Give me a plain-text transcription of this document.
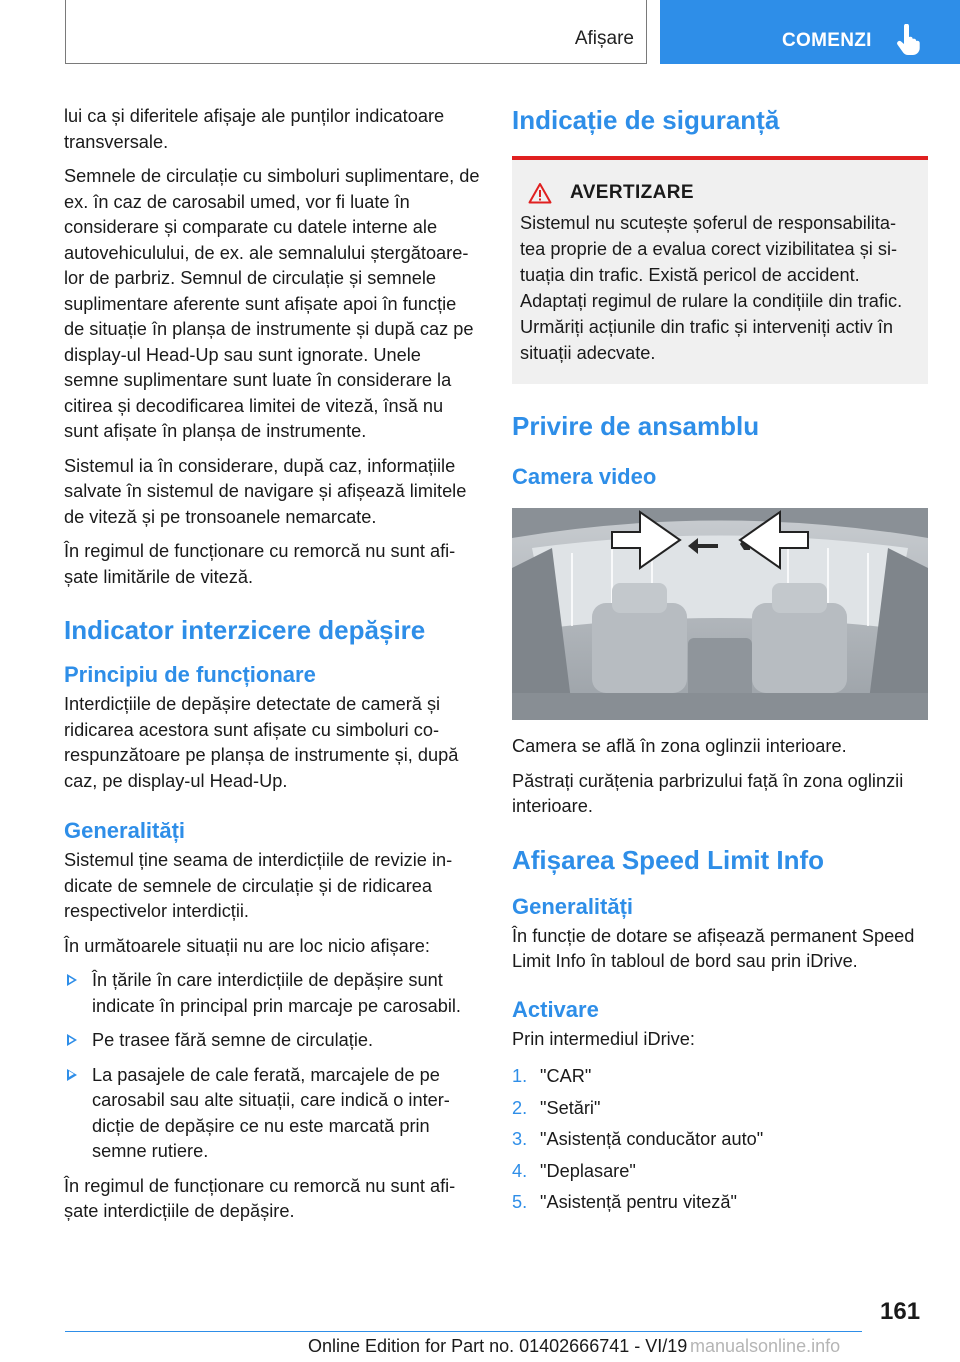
Afișare	COMENZI

lui ca și diferitele afișaje ale punților indicatoare transversale.

Semnele de circulație cu simboluri suplimentare, de ex. în caz de carosabil umed, vor fi luate în considerare și comparate cu datele interne ale autovehiculului, de ex. ale semnalului ștergătoare-lor de parbriz. Semnul de circulație și semnele suplimentare aferente sunt afișate apoi în funcție de situație în planșa de instrumente și după caz pe display-ul Head-Up sau sunt ignorate. Unele semne suplimentare sunt luate în considerare la citirea și decodificarea limitei de viteză, însă nu sunt afișate în planșa de instrumente.

Sistemul ia în considerare, după caz, informațiile salvate în sistemul de navigare și afișează limitele de viteză și pe tronsoanele nemarcate.

În regimul de funcționare cu remorcă nu sunt afi-șate limitările de viteză.

Indicator interzicere depășire
Principiu de funcționare

Interdicțiile de depășire detectate de cameră și ridicarea acestora sunt afișate cu simboluri co-respunzătoare pe planșa de instrumente și, după caz, pe display-ul Head-Up.

Generalități

Sistemul ține seama de interdicțiile de revizie in-dicate de semnele de circulație și de ridicarea respectivelor interdicții.

În următoarele situații nu are loc nicio afișare:

În țările în care interdicțiile de depășire sunt indicate în principal prin marcaje pe carosabil.
Pe trasee fără semne de circulație.
La pasajele de cale ferată, marcajele de pe carosabil sau alte situații, care indică o inter-dicție de depășire ce nu este marcată prin semne rutiere.

În regimul de funcționare cu remorcă nu sunt afi-șate interdicțiile de depășire.

Indicație de siguranță
AVERTIZARE

Sistemul nu scutește șoferul de responsabilita-tea proprie de a evalua corect vizibilitatea și si-tuația din trafic. Există pericol de accident. Adaptați regimul de rulare la condițiile din trafic. Urmăriți acțiunile din trafic și interveniți activ în situații adecvate.

Privire de ansamblu
Camera video

Camera se află în zona oglinzii interioare.

Păstrați curățenia parbrizului față în zona oglinzii interioare.

Afișarea Speed Limit Info
Generalități

În funcție de dotare se afișează permanent Speed Limit Info în tabloul de bord sau prin iDrive.

Activare

Prin intermediul iDrive:

1. "CAR"
2. "Setări"
3. "Asistență conducător auto"
4. "Deplasare"
5. "Asistență pentru viteză"
161
Online Edition for Part no. 01402666741 - VI/19 manualsonline.info
